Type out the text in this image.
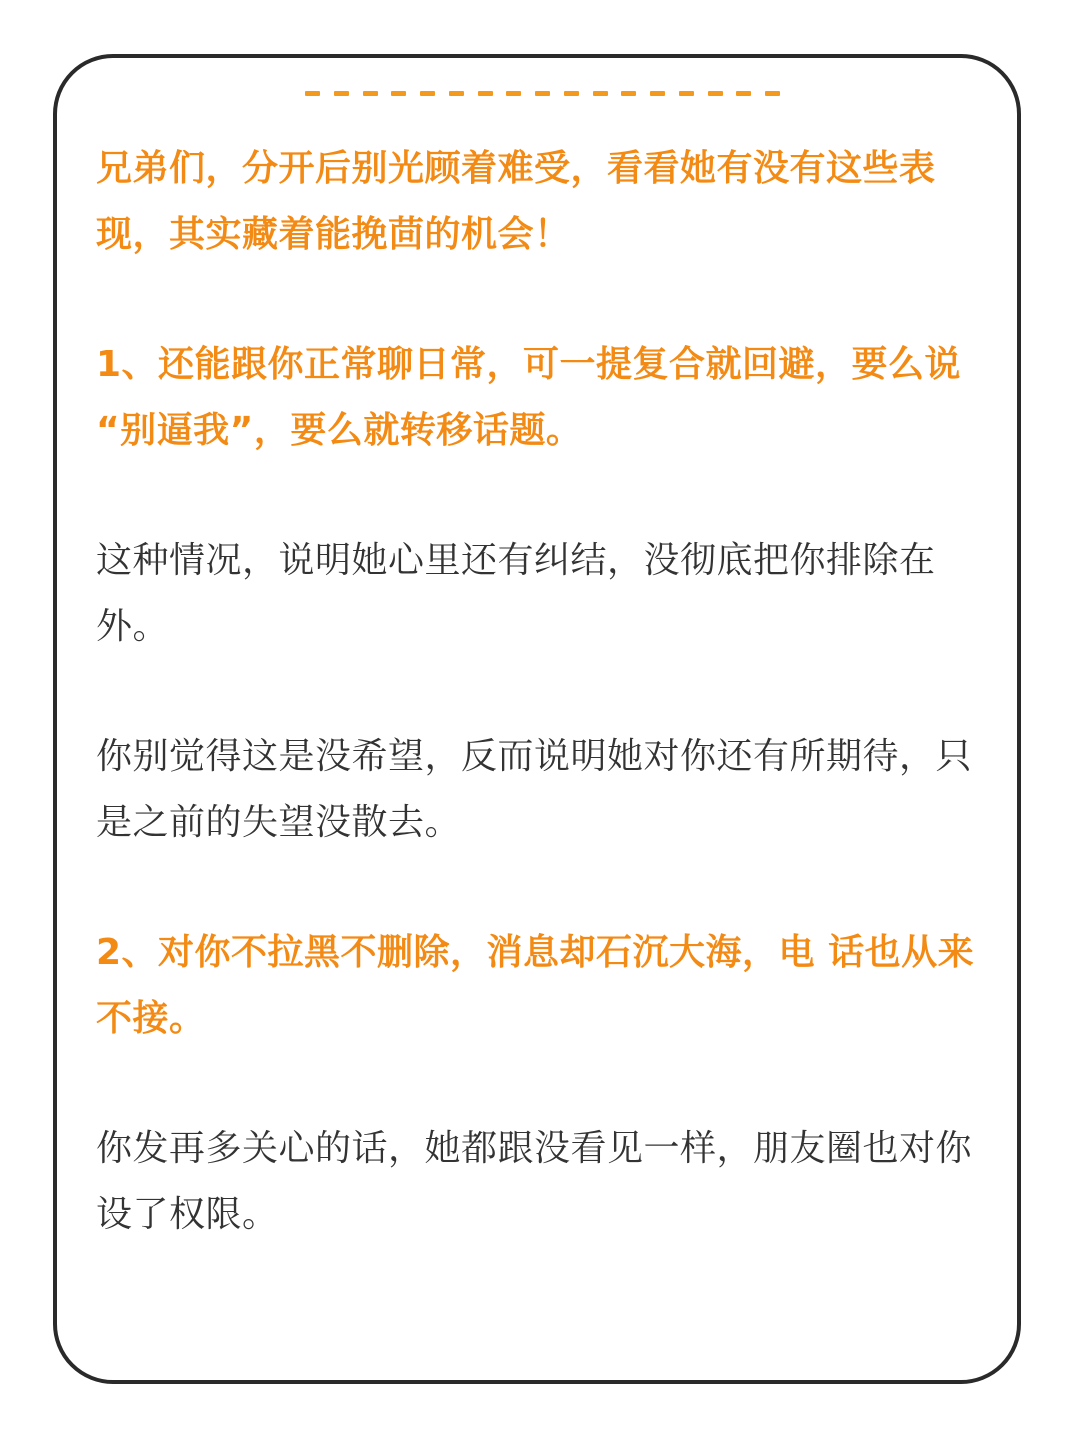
兄弟们，分开后别光顾着难受，看看她有没有这些表现，其实藏着能挽茴的机会！

1、还能跟你正常聊日常，可一提复合就回避，要么说 “别逼我”，要么就转移话题。

这种情况，说明她心里还有纠结，没彻底把你排除在外。

你别觉得这是没希望，反而说明她对你还有所期待，只是之前的失望没散去。

2、对你不拉黑不删除，消息却石沉大海，电 话也从来不接。

你发再多关心的话，她都跟没看见一样，朋友圈也对你设了权限。
